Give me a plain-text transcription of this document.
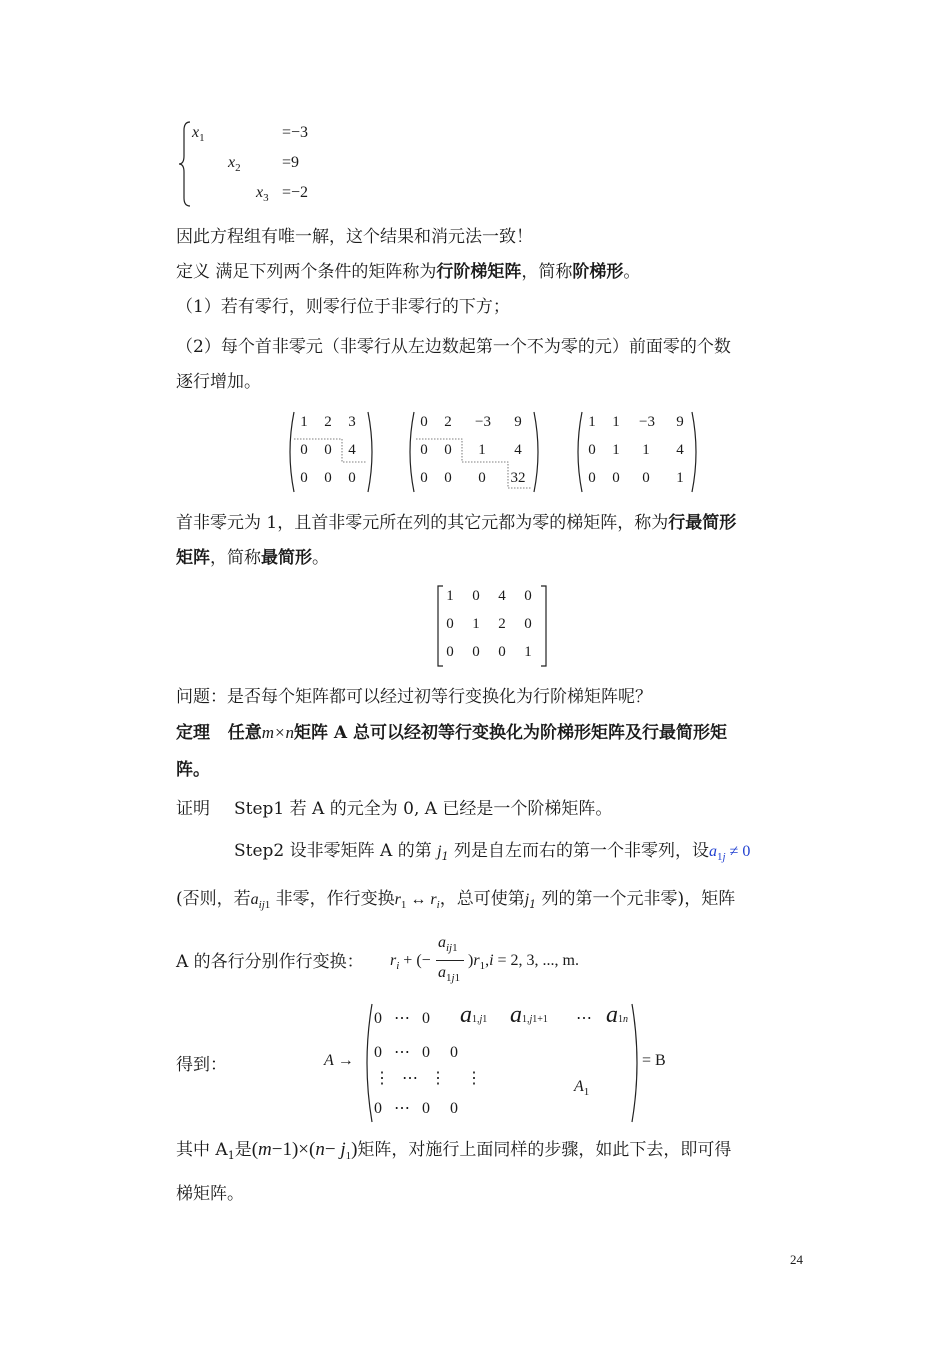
$x_1$	=−3
$x_2$	=9
$x_3 =-2$
因此方程组有唯一解，这个结果和消元法一致！
定义 满足下列两个条件的矩阵称为行阶梯矩阵，简称阶梯形。
（1）若有零行，则零行位于非零行的下方；
（2）每个首非零元（非零行从左边数起第一个不为零的元）前面零的个数
逐行增加。
1	2	3
0	0	4
0	0	0
0	2	−3	9
0	0	1	4
0	0	0	32
1	1	−3	9
0	1	1	4
0	0	0	1
首非零元为 1，且首非零元所在列的其它元都为零的梯矩阵，称为行最简形
矩阵，简称最简形。
1	0	4	0
0	1	2	0
0	0	0	1
问题：是否每个矩阵都可以经过初等行变换化为行阶梯矩阵呢？
定理 任意m×n矩阵 A 总可以经初等行变换化为阶梯形矩阵及行最简形矩
阵。
证明 Step1 若 A 的元全为 0, A 已经是一个阶梯矩阵。
Step2 设非零矩阵 A 的第 $j_1$ 列是自左而右的第一个非零列，设$a_{1j} \ne 0$
(否则，若$a_{ij1}$ 非零，作行变换$r_1$ ↔ $r_i$，总可使第$j_1$ 列的第一个元非零)，矩阵
A 的各行分别作行变换： $r_i$ + (−
$a_{ij1}$
$a_{1j1}$
)$r_1,i = 2$, 3, ..., m.
得到：	A →
0   ⋯   0 a1,j1 a1,j1+1 ⋯ a1n
0   ⋯   0     0
⋮   ⋯   ⋮     ⋮	$A_1$
0   ⋯   0     0
= B
其中 $A_1$是$(m-1)\times(n- j_1)$矩阵，对施行上面同样的步骤，如此下去，即可得
梯矩阵。
24
